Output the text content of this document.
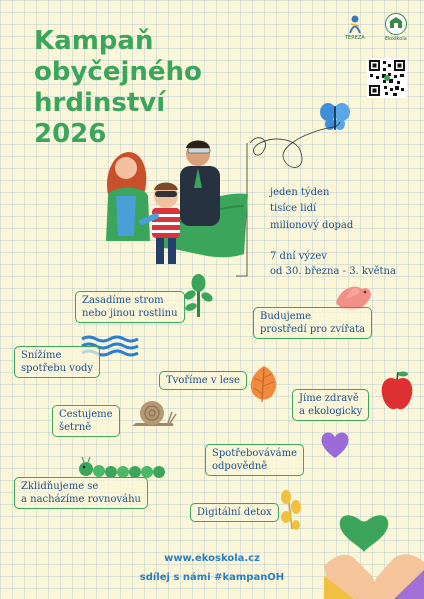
Kampaň
obyčejného
hrdinství
2026
TEREZA	Ekoškola
jeden týden
tisíce lidí
milionový dopad
7 dní výzev
od 30. března - 3. května
Zasadíme strom
nebo jinou rostlinu	Budujeme
prostředí pro zvířata
Snížíme
spotřebu vody
Tvoříme v lese
Jíme zdravě
a ekologicky
Cestujeme
šetrně
Spotřebováváme
odpovědně
Zklidňujeme se
a nacházíme rovnováhu
Digitální detox
www.ekoskola.cz
sdílej s námi #kampanOH
